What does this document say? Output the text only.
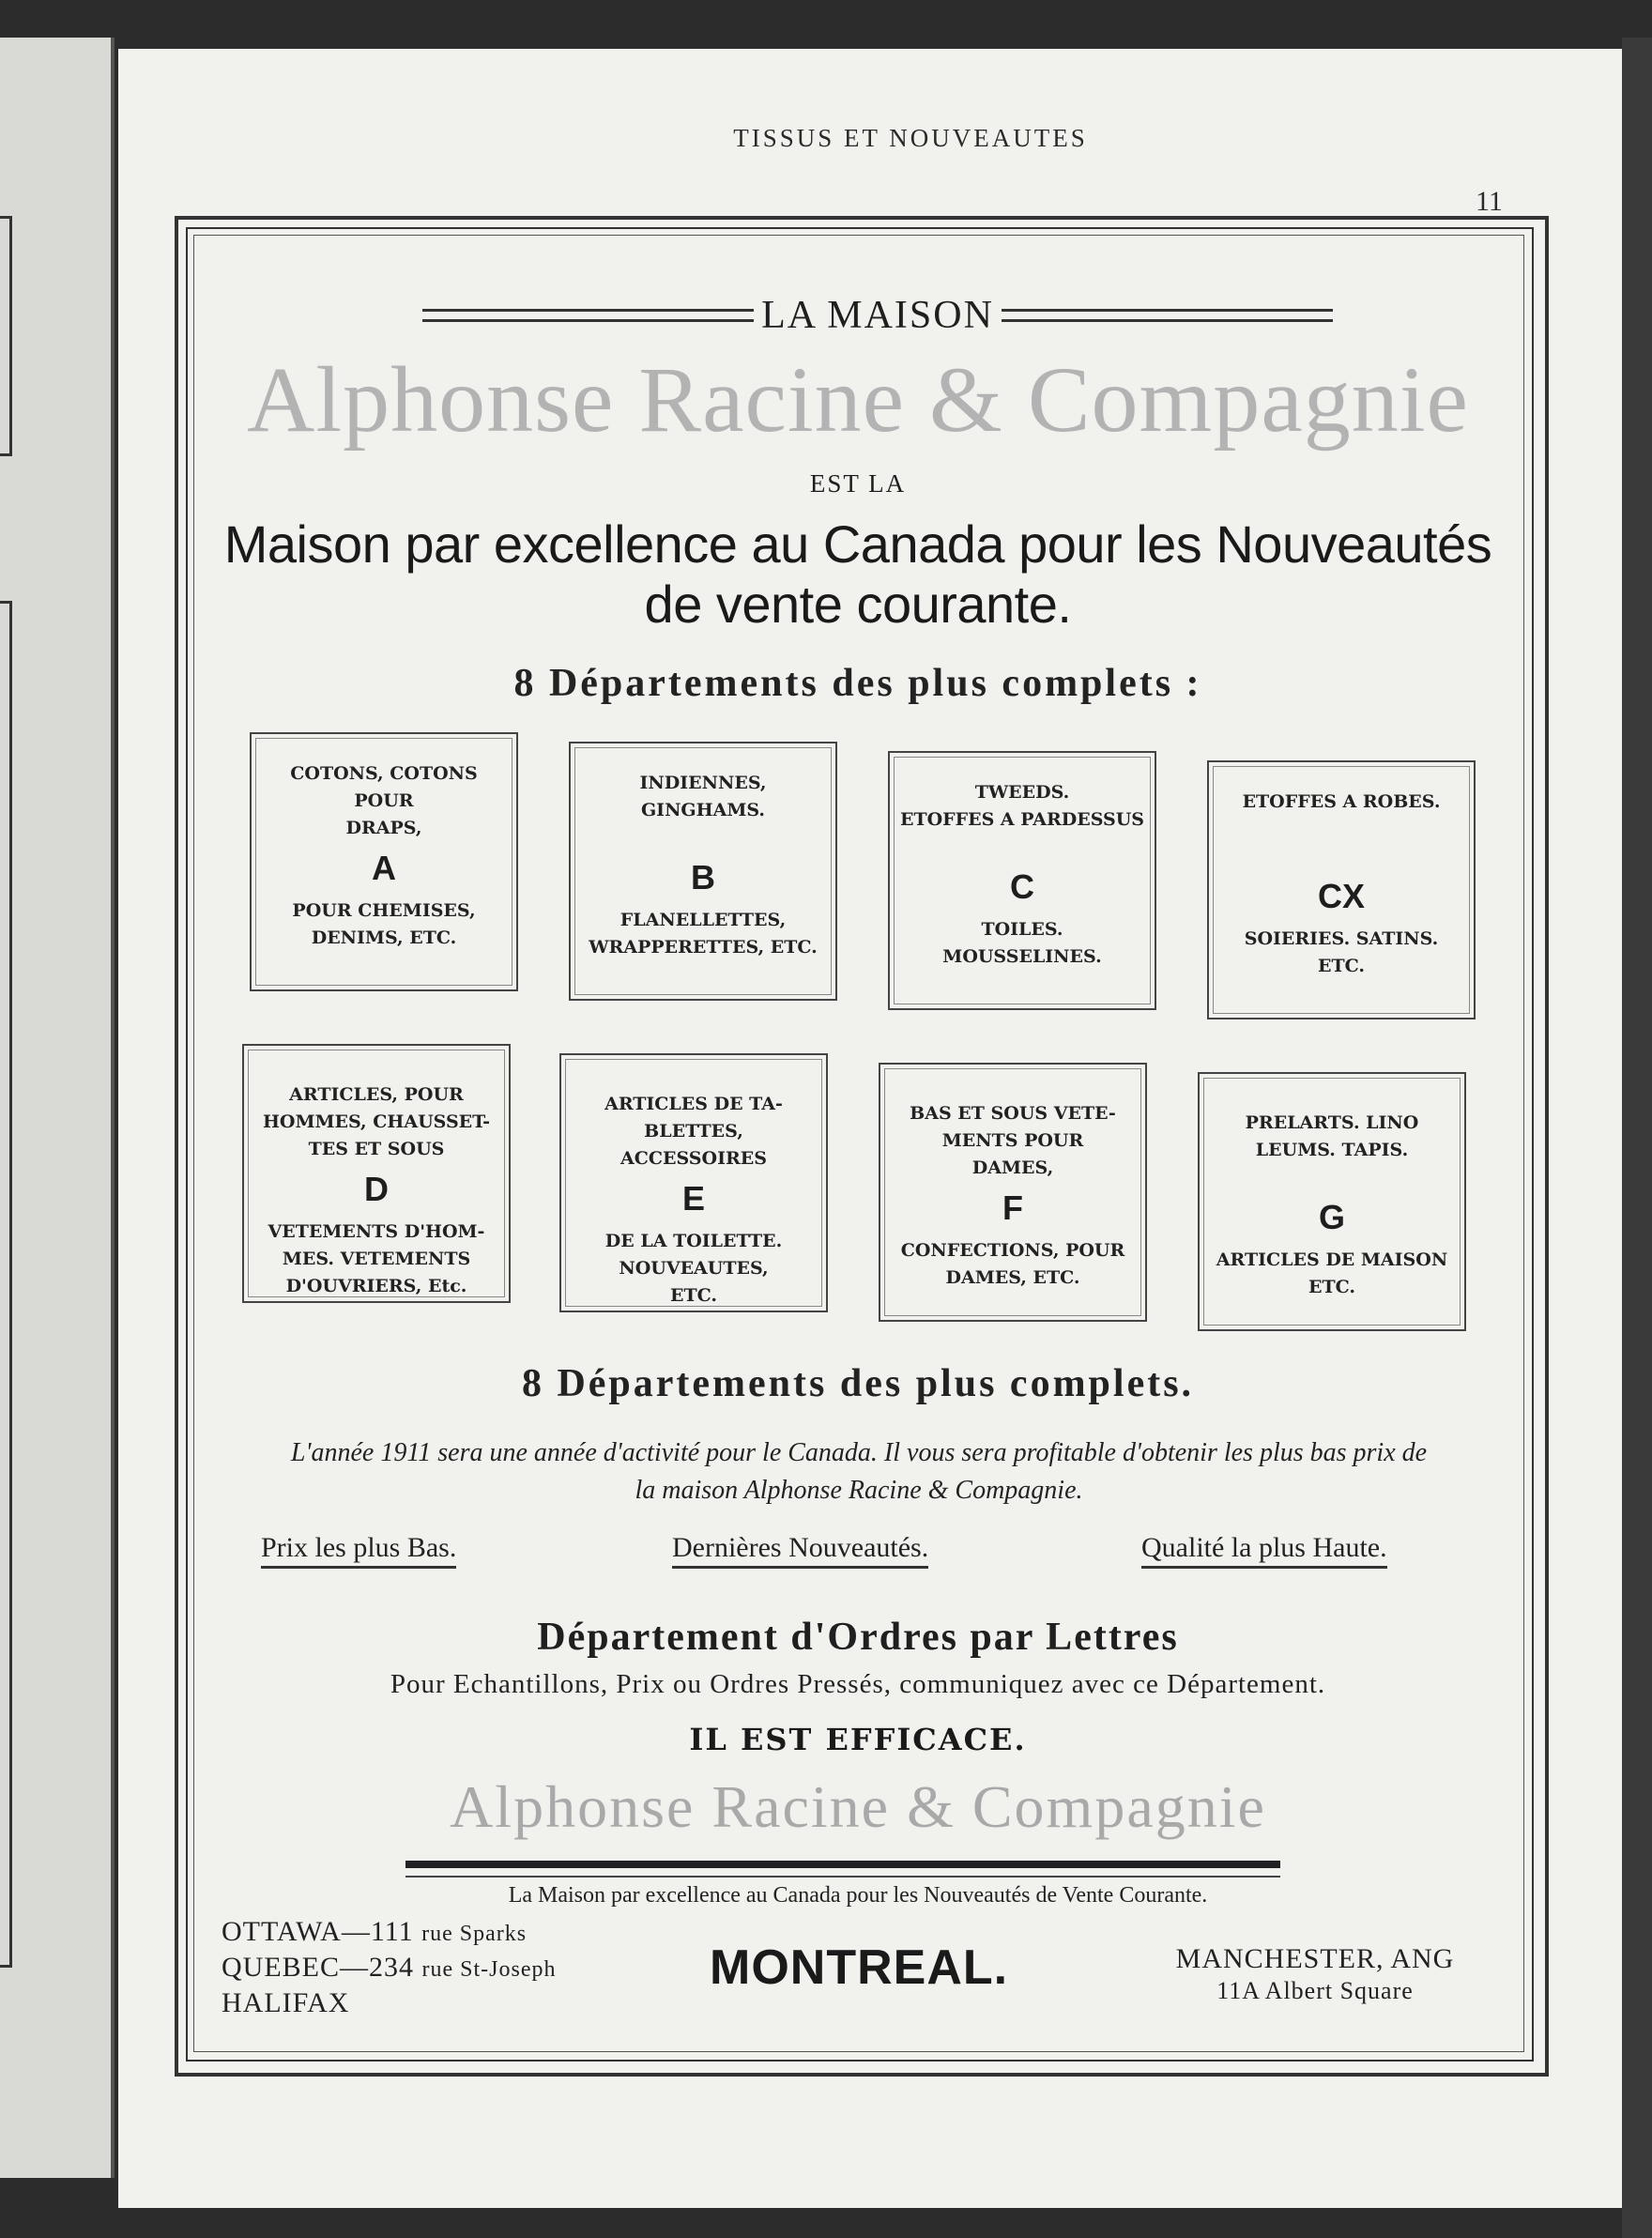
TISSUS ET NOUVEAUTES
11
LA MAISON
Alphonse Racine & Compagnie
EST LA
Maison par excellence au Canada pour les Nouveautés
de vente courante.
8 Départements des plus complets :
COTONS, COTONS POUR
DRAPS,
A
POUR CHEMISES,
DENIMS, ETC.
INDIENNES,
GINGHAMS.
B
FLANELLETTES,
WRAPPERETTES, ETC.
TWEEDS.
ETOFFES A PARDESSUS
C
TOILES.
MOUSSELINES.
ETOFFES A ROBES.
CX
SOIERIES. SATINS.
ETC.
ARTICLES, POUR
HOMMES, CHAUSSET-
TES ET SOUS
D
VETEMENTS D'HOM-
MES. VETEMENTS
D'OUVRIERS, Etc.
ARTICLES DE TA-
BLETTES,
ACCESSOIRES
E
DE LA TOILETTE.
NOUVEAUTES,
ETC.
BAS ET SOUS VETE-
MENTS POUR
DAMES,
F
CONFECTIONS, POUR
DAMES, ETC.
PRELARTS. LINO
LEUMS. TAPIS.
G
ARTICLES DE MAISON
ETC.
8 Départements des plus complets.
L'année 1911 sera une année d'activité pour le Canada. Il vous sera profitable d'obtenir les plus bas prix de la maison Alphonse Racine & Compagnie.
Prix les plus Bas.	Dernières Nouveautés.	Qualité la plus Haute.
Département d'Ordres par Lettres
Pour Echantillons, Prix ou Ordres Pressés, communiquez avec ce Département.
IL EST EFFICACE.
Alphonse Racine & Compagnie
La Maison par excellence au Canada pour les Nouveautés de Vente Courante.
OTTAWA—111 rue Sparks
QUEBEC—234 rue St-Joseph
HALIFAX
MONTREAL.	MANCHESTER, ANG
11A Albert Square
